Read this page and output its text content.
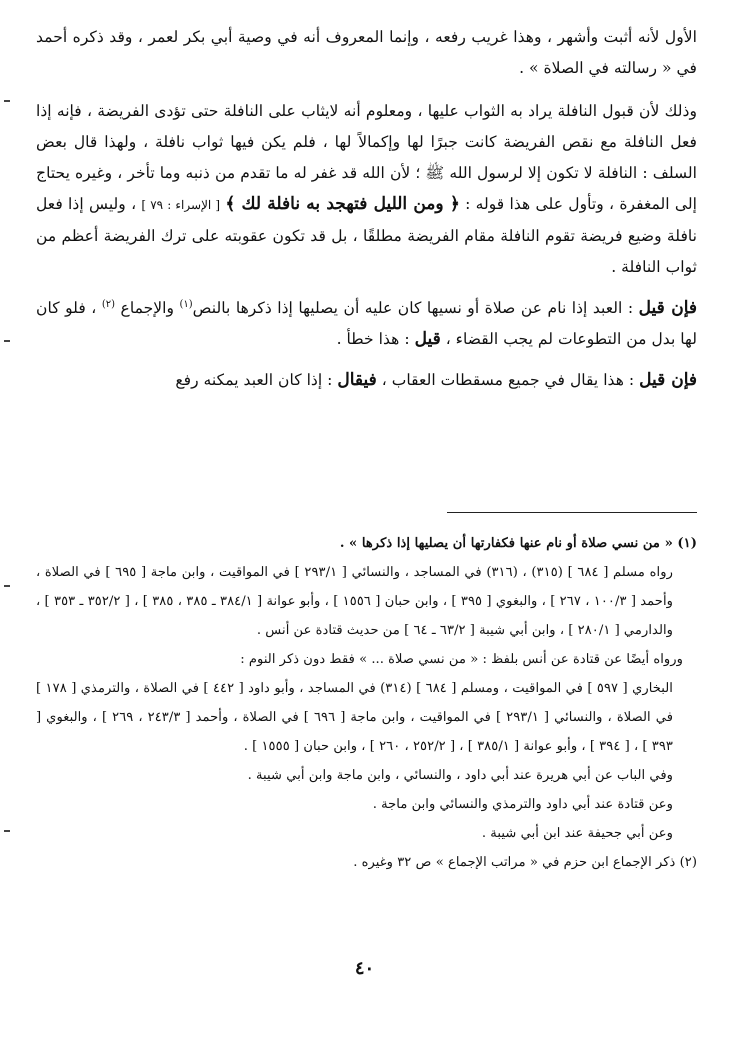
الأول لأنه أثبت وأشهر ، وهذا غريب رفعه ، وإنما المعروف أنه في وصية أبي بكر لعمر ، وقد ذكره أحمد في « رسالته في الصلاة » .

وذلك لأن قبول النافلة يراد به الثواب عليها ، ومعلوم أنه لايثاب على النافلة حتى تؤدى الفريضة ، فإنه إذا فعل النافلة مع نقص الفريضة كانت جبرًا لها وإكمالاً لها ، فلم يكن فيها ثواب نافلة ، ولهذا قال بعض السلف : النافلة لا تكون إلا لرسول الله ﷺ ؛ لأن الله قد غفر له ما تقدم من ذنبه وما تأخر ، وغيره يحتاج إلى المغفرة ، وتأول على هذا قوله : ﴿ ومن الليل فتهجد به نافلة لك ﴾ [ الإسراء : ٧٩ ] ، وليس إذا فعل نافلة وضيع فريضة تقوم النافلة مقام الفريضة مطلقًا ، بل قد تكون عقوبته على ترك الفريضة أعظم من ثواب النافلة .

فإن قيل : العبد إذا نام عن صلاة أو نسيها كان عليه أن يصليها إذا ذكرها بالنص$^{(١)}$ والإجماع $^{(٢)}$ ، فلو كان لها بدل من التطوعات لم يجب القضاء ، قيل : هذا خطأ .

فإن قيل : هذا يقال في جميع مسقطات العقاب ، فيقال : إذا كان العبد يمكنه رفع

(١) « من نسي صلاة أو نام عنها فكفارتها أن يصليها إذا ذكرها » .

رواه مسلم [ ٦٨٤ ] (٣١٥) ، (٣١٦) في المساجد ، والنسائي [ ٢٩٣/١ ] في المواقيت ، وابن ماجة [ ٦٩٥ ] في الصلاة ، وأحمد [ ١٠٠/٣ ، ٢٦٧ ] ، والبغوي [ ٣٩٥ ] ، وابن حبان [ ١٥٥٦ ] ، وأبو عوانة [ ٣٨٤/١ ـ ٣٨٥ ، ٣٨٥ ] ، [ ٣٥٢/٢ ـ ٣٥٣ ] ، والدارمي [ ٢٨٠/١ ] ، وابن أبي شيبة [ ٦٣/٢ ـ ٦٤ ] من حديث قتادة عن أنس .

ورواه أيضًا عن قتادة عن أنس بلفظ : « من نسي صلاة ... » فقط دون ذكر النوم :

البخاري [ ٥٩٧ ] في المواقيت ، ومسلم [ ٦٨٤ ] (٣١٤) في المساجد ، وأبو داود [ ٤٤٢ ] في الصلاة ، والترمذي [ ١٧٨ ] في الصلاة ، والنسائي [ ٢٩٣/١ ] في المواقيت ، وابن ماجة [ ٦٩٦ ] في الصلاة ، وأحمد [ ٢٤٣/٣ ، ٢٦٩ ] ، والبغوي [ ٣٩٣ ] ، [ ٣٩٤ ] ، وأبو عوانة [ ٣٨٥/١ ] ، [ ٢٥٢/٢ ، ٢٦٠ ] ، وابن حبان [ ١٥٥٥ ] .

وفي الباب عن أبي هريرة عند أبي داود ، والنسائي ، وابن ماجة وابن أبي شيبة .

وعن قتادة عند أبي داود والترمذي والنسائي وابن ماجة .

وعن أبي جحيفة عند ابن أبي شيبة .

(٢) ذكر الإجماع ابن حزم في « مراتب الإجماع » ص ٣٢ وغيره .

٤٠
